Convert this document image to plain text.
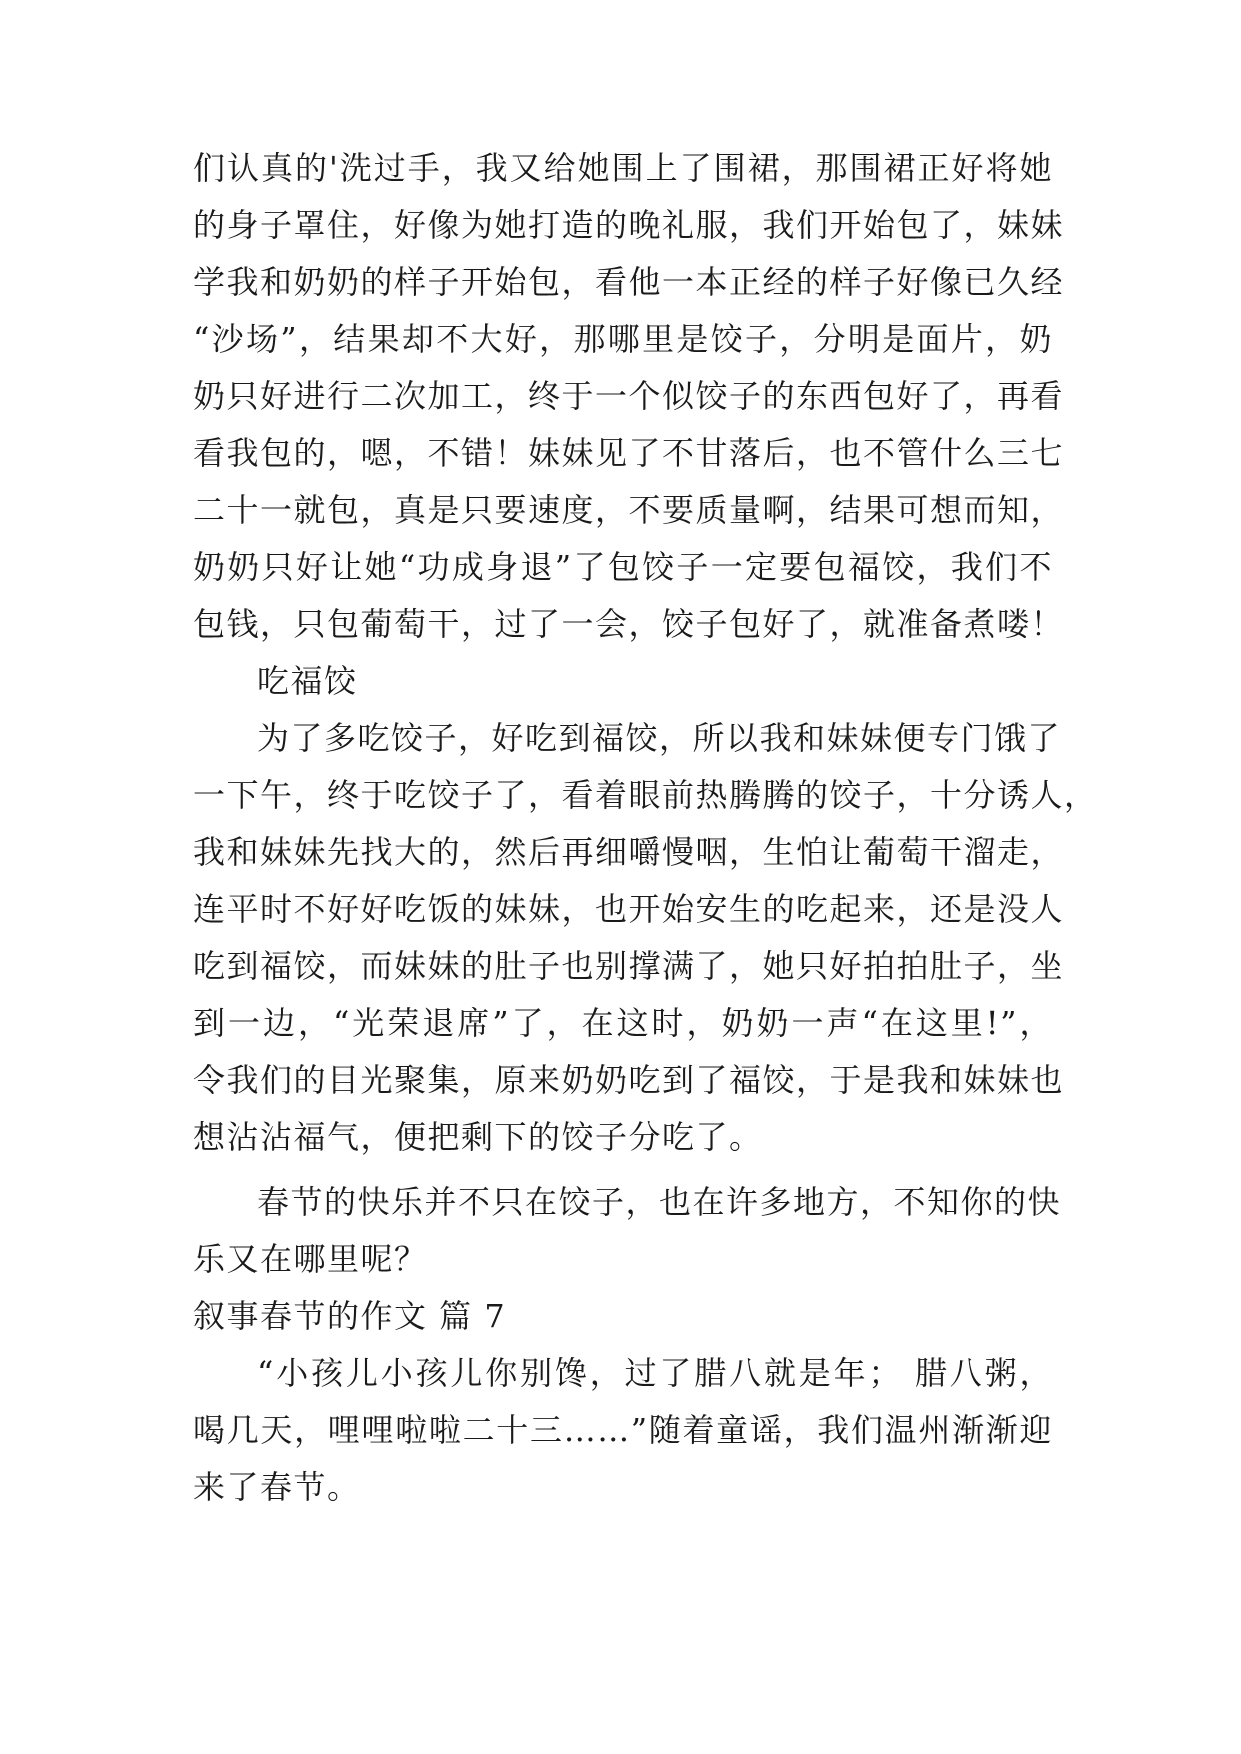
们认真的'洗过手，我又给她围上了围裙，那围裙正好将她
的身子罩住，好像为她打造的晚礼服，我们开始包了，妹妹
学我和奶奶的样子开始包，看他一本正经的样子好像已久经
“沙场”，结果却不大好，那哪里是饺子，分明是面片，奶
奶只好进行二次加工，终于一个似饺子的东西包好了，再看
看我包的，嗯，不错！妹妹见了不甘落后，也不管什么三七
二十一就包，真是只要速度，不要质量啊，结果可想而知，
奶奶只好让她“功成身退”了包饺子一定要包福饺，我们不
包钱，只包葡萄干，过了一会，饺子包好了，就准备煮喽！
吃福饺
为了多吃饺子，好吃到福饺，所以我和妹妹便专门饿了
一下午，终于吃饺子了，看着眼前热腾腾的饺子，十分诱人，
我和妹妹先找大的，然后再细嚼慢咽，生怕让葡萄干溜走，
连平时不好好吃饭的妹妹，也开始安生的吃起来，还是没人
吃到福饺，而妹妹的肚子也别撑满了，她只好拍拍肚子，坐
到一边，“光荣退席”了，在这时，奶奶一声“在这里!”，
令我们的目光聚集，原来奶奶吃到了福饺，于是我和妹妹也
想沾沾福气，便把剩下的饺子分吃了。
春节的快乐并不只在饺子，也在许多地方，不知你的快
乐又在哪里呢？
叙事春节的作文 篇 7
“小孩儿小孩儿你别馋，过了腊八就是年； 腊八粥，
喝几天，哩哩啦啦二十三……”随着童谣，我们温州渐渐迎
来了春节。
